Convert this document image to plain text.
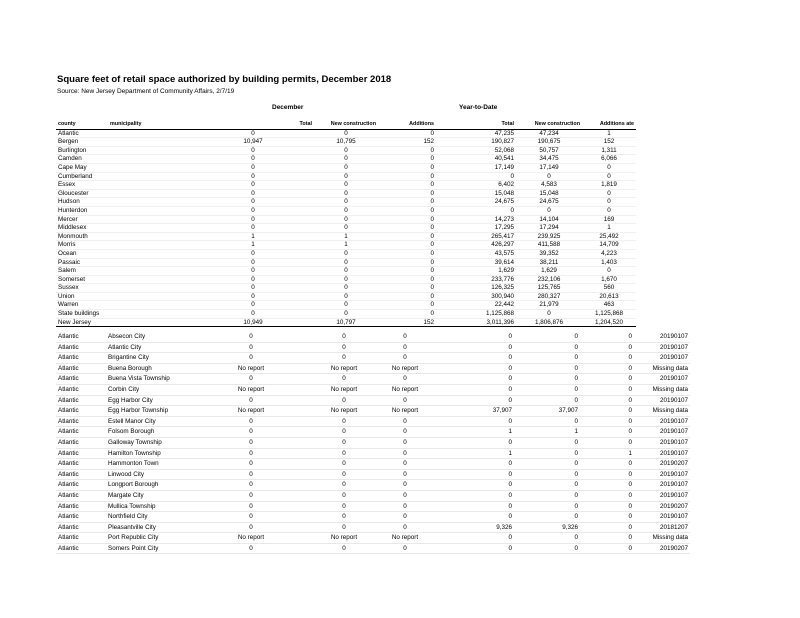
Square feet of retail space authorized by building permits, December 2018
Source: New Jersey Department of Community Affairs, 2/7/19
December	Year-to-Date
county	municipality	Total	New construction	Additions	Total	New construction	Additions ate
Atlantic		0	0	0	47,235	47,234	1
Bergen		10,947	10,795	152	190,827	190,675	152
Burlington		0	0	0	52,068	50,757	1,311
Camden		0	0	0	40,541	34,475	6,066
Cape May		0	0	0	17,149	17,149	0
Cumberland		0	0	0	0	0	0
Essex		0	0	0	6,402	4,583	1,819
Gloucester		0	0	0	15,048	15,048	0
Hudson		0	0	0	24,675	24,675	0
Hunterdon		0	0	0	0	0	0
Mercer		0	0	0	14,273	14,104	169
Middlesex		0	0	0	17,295	17,294	1
Monmouth		1	1	0	265,417	239,925	25,492
Morris		1	1	0	426,297	411,588	14,709
Ocean		0	0	0	43,575	39,352	4,223
Passaic		0	0	0	39,614	38,211	1,403
Salem		0	0	0	1,629	1,629	0
Somerset		0	0	0	233,776	232,106	1,670
Sussex		0	0	0	126,325	125,765	560
Union		0	0	0	300,940	280,327	20,613
Warren		0	0	0	22,442	21,979	463
State buildings		0	0	0	1,125,868	0	1,125,868
New Jersey		10,949	10,797	152	3,011,396	1,806,876	1,204,520
Atlantic	Absecon City	0	0	0	0	0	0	20190107
Atlantic	Atlantic City	0	0	0	0	0	0	20190107
Atlantic	Brigantine City	0	0	0	0	0	0	20190107
Atlantic	Buena Borough	No report	No report	No report	0	0	0	Missing data
Atlantic	Buena Vista Township	0	0	0	0	0	0	20190107
Atlantic	Corbin City	No report	No report	No report	0	0	0	Missing data
Atlantic	Egg Harbor City	0	0	0	0	0	0	20190107
Atlantic	Egg Harbor Township	No report	No report	No report	37,907	37,907	0	Missing data
Atlantic	Estell Manor City	0	0	0	0	0	0	20190107
Atlantic	Folsom Borough	0	0	0	1	1	0	20190107
Atlantic	Galloway Township	0	0	0	0	0	0	20190107
Atlantic	Hamilton Township	0	0	0	1	0	1	20190107
Atlantic	Hammonton Town	0	0	0	0	0	0	20190207
Atlantic	Linwood City	0	0	0	0	0	0	20190107
Atlantic	Longport Borough	0	0	0	0	0	0	20190107
Atlantic	Margate City	0	0	0	0	0	0	20190107
Atlantic	Mullica Township	0	0	0	0	0	0	20190207
Atlantic	Northfield City	0	0	0	0	0	0	20190107
Atlantic	Pleasantville City	0	0	0	9,326	9,326	0	20181207
Atlantic	Port Republic City	No report	No report	No report	0	0	0	Missing data
Atlantic	Somers Point City	0	0	0	0	0	0	20190207
